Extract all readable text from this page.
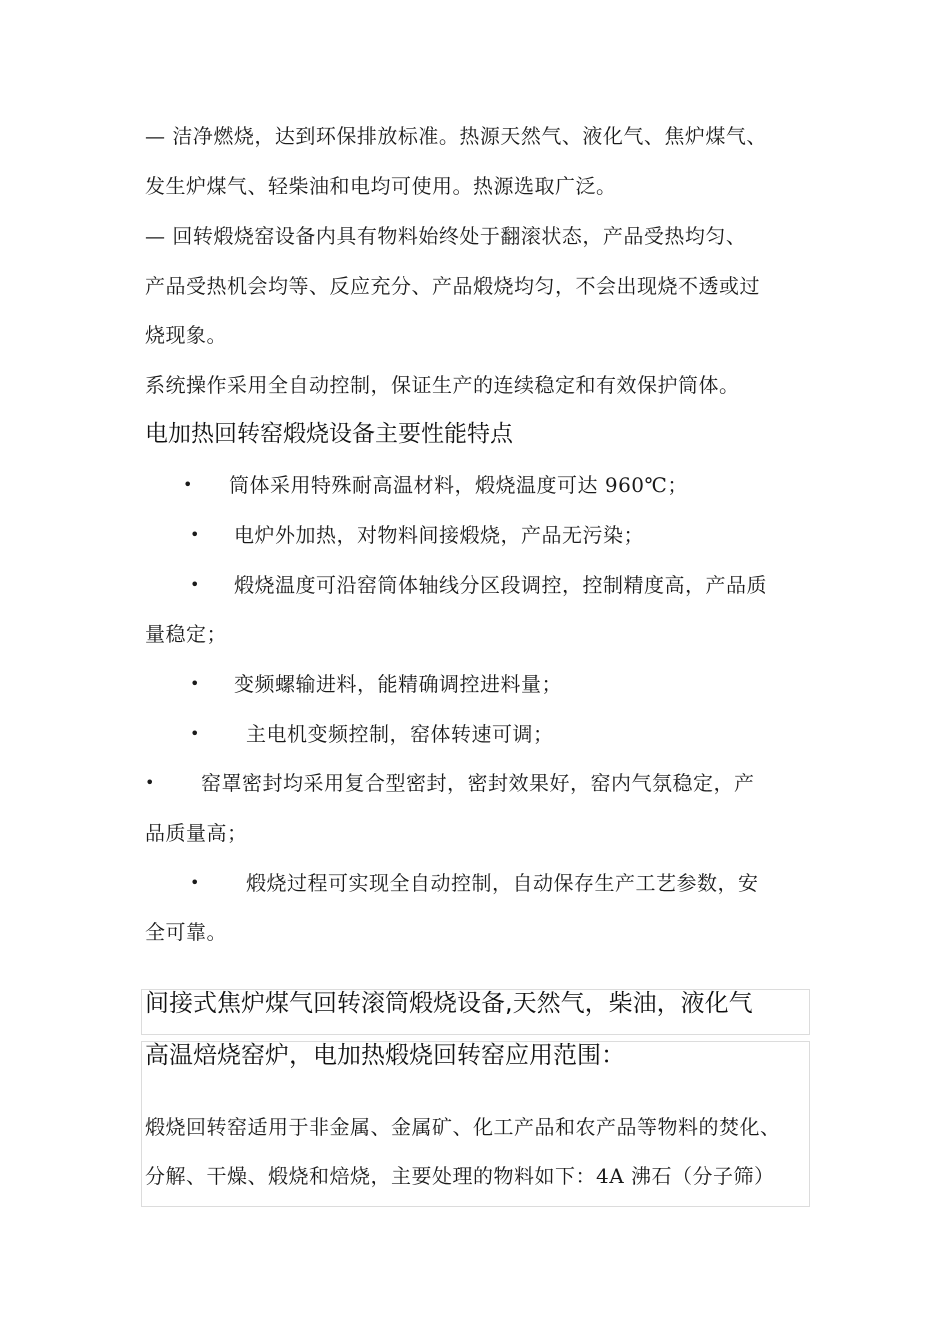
— 洁净燃烧，达到环保排放标准。热源天然气、液化气、焦炉煤气、
发生炉煤气、轻柴油和电均可使用。热源选取广泛。
— 回转煅烧窑设备内具有物料始终处于翻滚状态，产品受热均匀、
产品受热机会均等、反应充分、产品煅烧均匀，不会出现烧不透或过
烧现象。
系统操作采用全自动控制，保证生产的连续稳定和有效保护筒体。
电加热回转窑煅烧设备主要性能特点
• 筒体采用特殊耐高温材料，煅烧温度可达 960℃；
• 电炉外加热，对物料间接煅烧，产品无污染；
• 煅烧温度可沿窑筒体轴线分区段调控，控制精度高，产品质
量稳定；
• 变频螺输进料，能精确调控进料量；
• 主电机变频控制，窑体转速可调；
• 窑罩密封均采用复合型密封，密封效果好，窑内气氛稳定，产
品质量高；
• 煅烧过程可实现全自动控制，自动保存生产工艺参数，安
全可靠。
间接式焦炉煤气回转滚筒煅烧设备,天然气，柴油，液化气
高温焙烧窑炉，电加热煅烧回转窑应用范围：
煅烧回转窑适用于非金属、金属矿、化工产品和农产品等物料的焚化、
分解、干燥、煅烧和焙烧，主要处理的物料如下：4A 沸石（分子筛）
